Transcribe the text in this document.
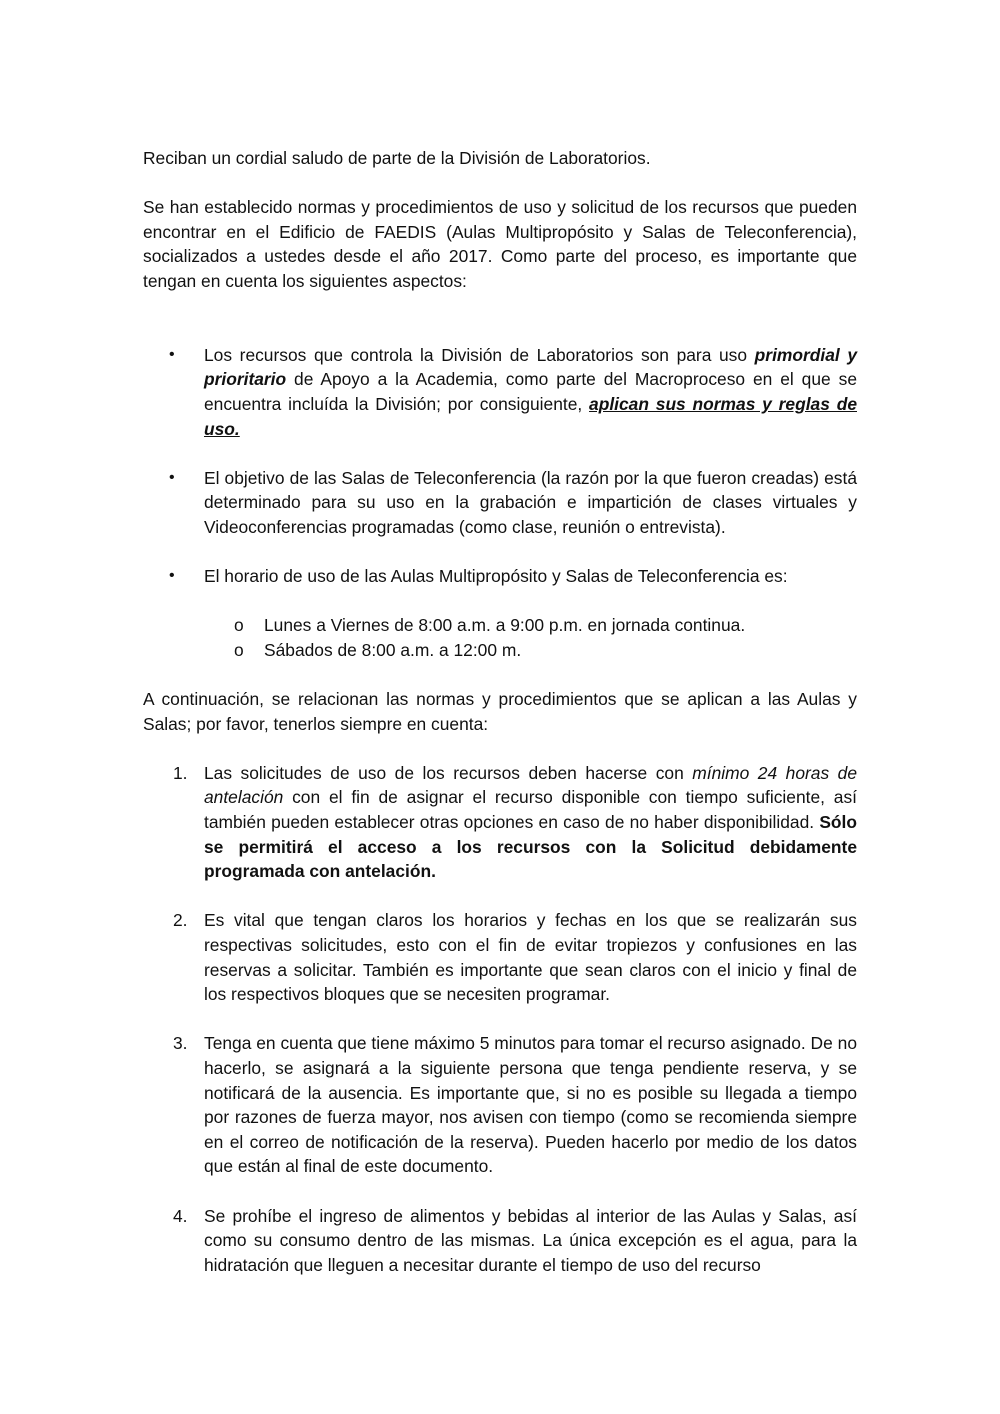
Reciban un cordial saludo de parte de la División de Laboratorios.

Se han establecido normas y procedimientos de uso y solicitud de los recursos que pueden encontrar en el Edificio de FAEDIS (Aulas Multipropósito y Salas de Teleconferencia), socializados a ustedes desde el año 2017. Como parte del proceso, es importante que tengan en cuenta los siguientes aspectos:

• Los recursos que controla la División de Laboratorios son para uso primordial y prioritario de Apoyo a la Academia, como parte del Macroproceso en el que se encuentra incluída la División; por consiguiente, aplican sus normas y reglas de uso.
• El objetivo de las Salas de Teleconferencia (la razón por la que fueron creadas) está determinado para su uso en la grabación e impartición de clases virtuales y Videoconferencias programadas (como clase, reunión o entrevista).
• El horario de uso de las Aulas Multipropósito y Salas de Teleconferencia es:
o Lunes a Viernes de 8:00 a.m. a 9:00 p.m. en jornada continua.
o Sábados de 8:00 a.m. a 12:00 m.

A continuación, se relacionan las normas y procedimientos que se aplican a las Aulas y Salas; por favor, tenerlos siempre en cuenta:

1. Las solicitudes de uso de los recursos deben hacerse con mínimo 24 horas de antelación con el fin de asignar el recurso disponible con tiempo suficiente, así también pueden establecer otras opciones en caso de no haber disponibilidad. Sólo se permitirá el acceso a los recursos con la Solicitud debidamente programada con antelación.
2. Es vital que tengan claros los horarios y fechas en los que se realizarán sus respectivas solicitudes, esto con el fin de evitar tropiezos y confusiones en las reservas a solicitar. También es importante que sean claros con el inicio y final de los respectivos bloques que se necesiten programar.
3. Tenga en cuenta que tiene máximo 5 minutos para tomar el recurso asignado. De no hacerlo, se asignará a la siguiente persona que tenga pendiente reserva, y se notificará de la ausencia. Es importante que, si no es posible su llegada a tiempo por razones de fuerza mayor, nos avisen con tiempo (como se recomienda siempre en el correo de notificación de la reserva). Pueden hacerlo por medio de los datos que están al final de este documento.
4. Se prohíbe el ingreso de alimentos y bebidas al interior de las Aulas y Salas, así como su consumo dentro de las mismas. La única excepción es el agua, para la hidratación que lleguen a necesitar durante el tiempo de uso del recurso
